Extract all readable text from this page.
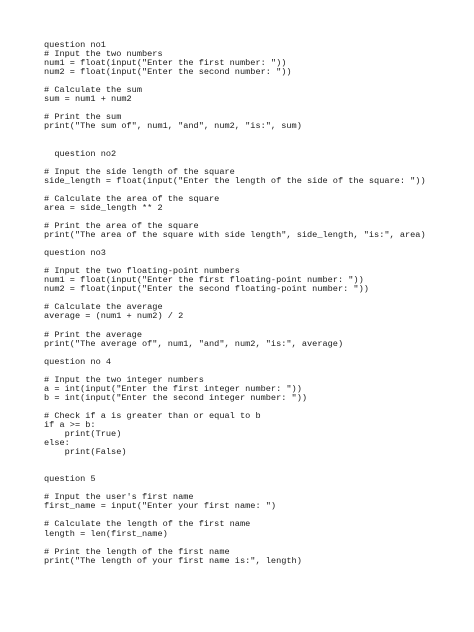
question no1
# Input the two numbers
num1 = float(input("Enter the first number: "))
num2 = float(input("Enter the second number: "))
# Calculate the sum
sum = num1 + num2
# Print the sum
print("The sum of", num1, "and", num2, "is:", sum)
question no2
# Input the side length of the square
side_length = float(input("Enter the length of the side of the square: "))
# Calculate the area of the square
area = side_length ** 2
# Print the area of the square
print("The area of the square with side length", side_length, "is:", area)
question no3
# Input the two floating-point numbers
num1 = float(input("Enter the first floating-point number: "))
num2 = float(input("Enter the second floating-point number: "))
# Calculate the average
average = (num1 + num2) / 2
# Print the average
print("The average of", num1, "and", num2, "is:", average)
question no 4
# Input the two integer numbers
a = int(input("Enter the first integer number: "))
b = int(input("Enter the second integer number: "))
# Check if a is greater than or equal to b
if a >= b:
print(True)
else:
print(False)
question 5
# Input the user's first name
first_name = input("Enter your first name: ")
# Calculate the length of the first name
length = len(first_name)
# Print the length of the first name
print("The length of your first name is:", length)
